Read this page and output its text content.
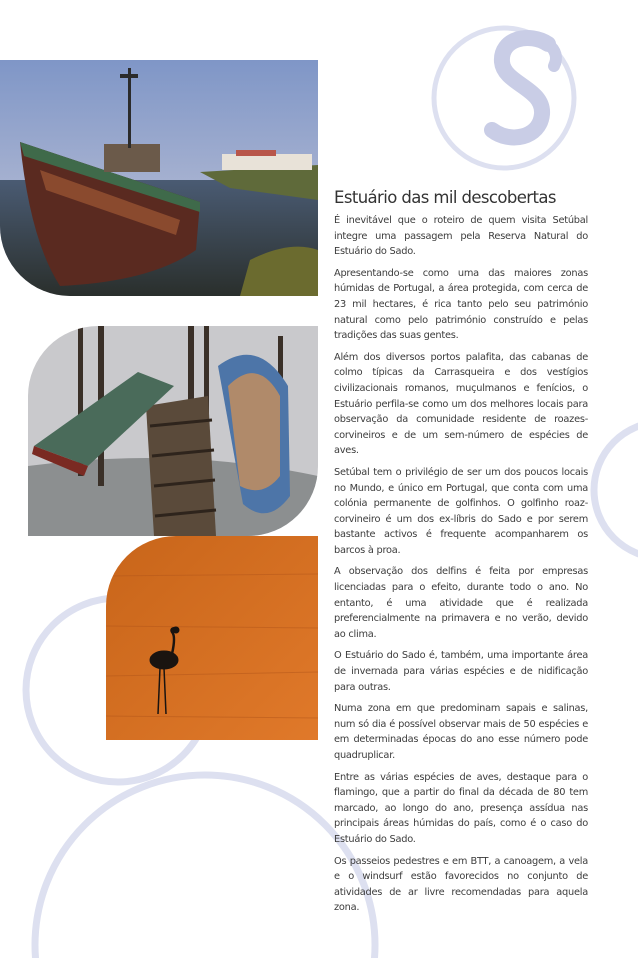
Estuário das mil descobertas

É inevitável que o roteiro de quem visita Setúbal integre uma passagem pela Reserva Natural do Estuário do Sado.

Apresentando-se como uma das maiores zonas húmidas de Portugal, a área protegida, com cerca de 23 mil hectares, é rica tanto pelo seu património natural como pelo património construído e pelas tradições das suas gentes.

Além dos diversos portos palafita, das cabanas de colmo típicas da Carrasqueira e dos vestígios civilizacionais romanos, muçulmanos e fenícios, o Estuário perfila-se como um dos melhores locais para observação da comunidade residente de roazes-corvineiros e de um sem-número de espécies de aves.

Setúbal tem o privilégio de ser um dos poucos locais no Mundo, e único em Portugal, que conta com uma colónia permanente de golfinhos. O golfinho roaz-corvineiro é um dos ex-líbris do Sado e por serem bastante activos é frequente acompanharem os barcos à proa.

A observação dos delfins é feita por empresas licenciadas para o efeito, durante todo o ano. No entanto, é uma atividade que é realizada preferencialmente na primavera e no verão, devido ao clima.

O Estuário do Sado é, também, uma importante área de invernada para várias espécies e de nidificação para outras.

Numa zona em que predominam sapais e salinas, num só dia é possível observar mais de 50 espécies e em determinadas épocas do ano esse número pode quadruplicar.

Entre as várias espécies de aves, destaque para o flamingo, que a partir do final da década de 80 tem marcado, ao longo do ano, presença assídua nas principais áreas húmidas do país, como é o caso do Estuário do Sado.

Os passeios pedestres e em BTT, a canoagem, a vela e o windsurf estão favorecidos no conjunto de atividades de ar livre recomendadas para aquela zona.
